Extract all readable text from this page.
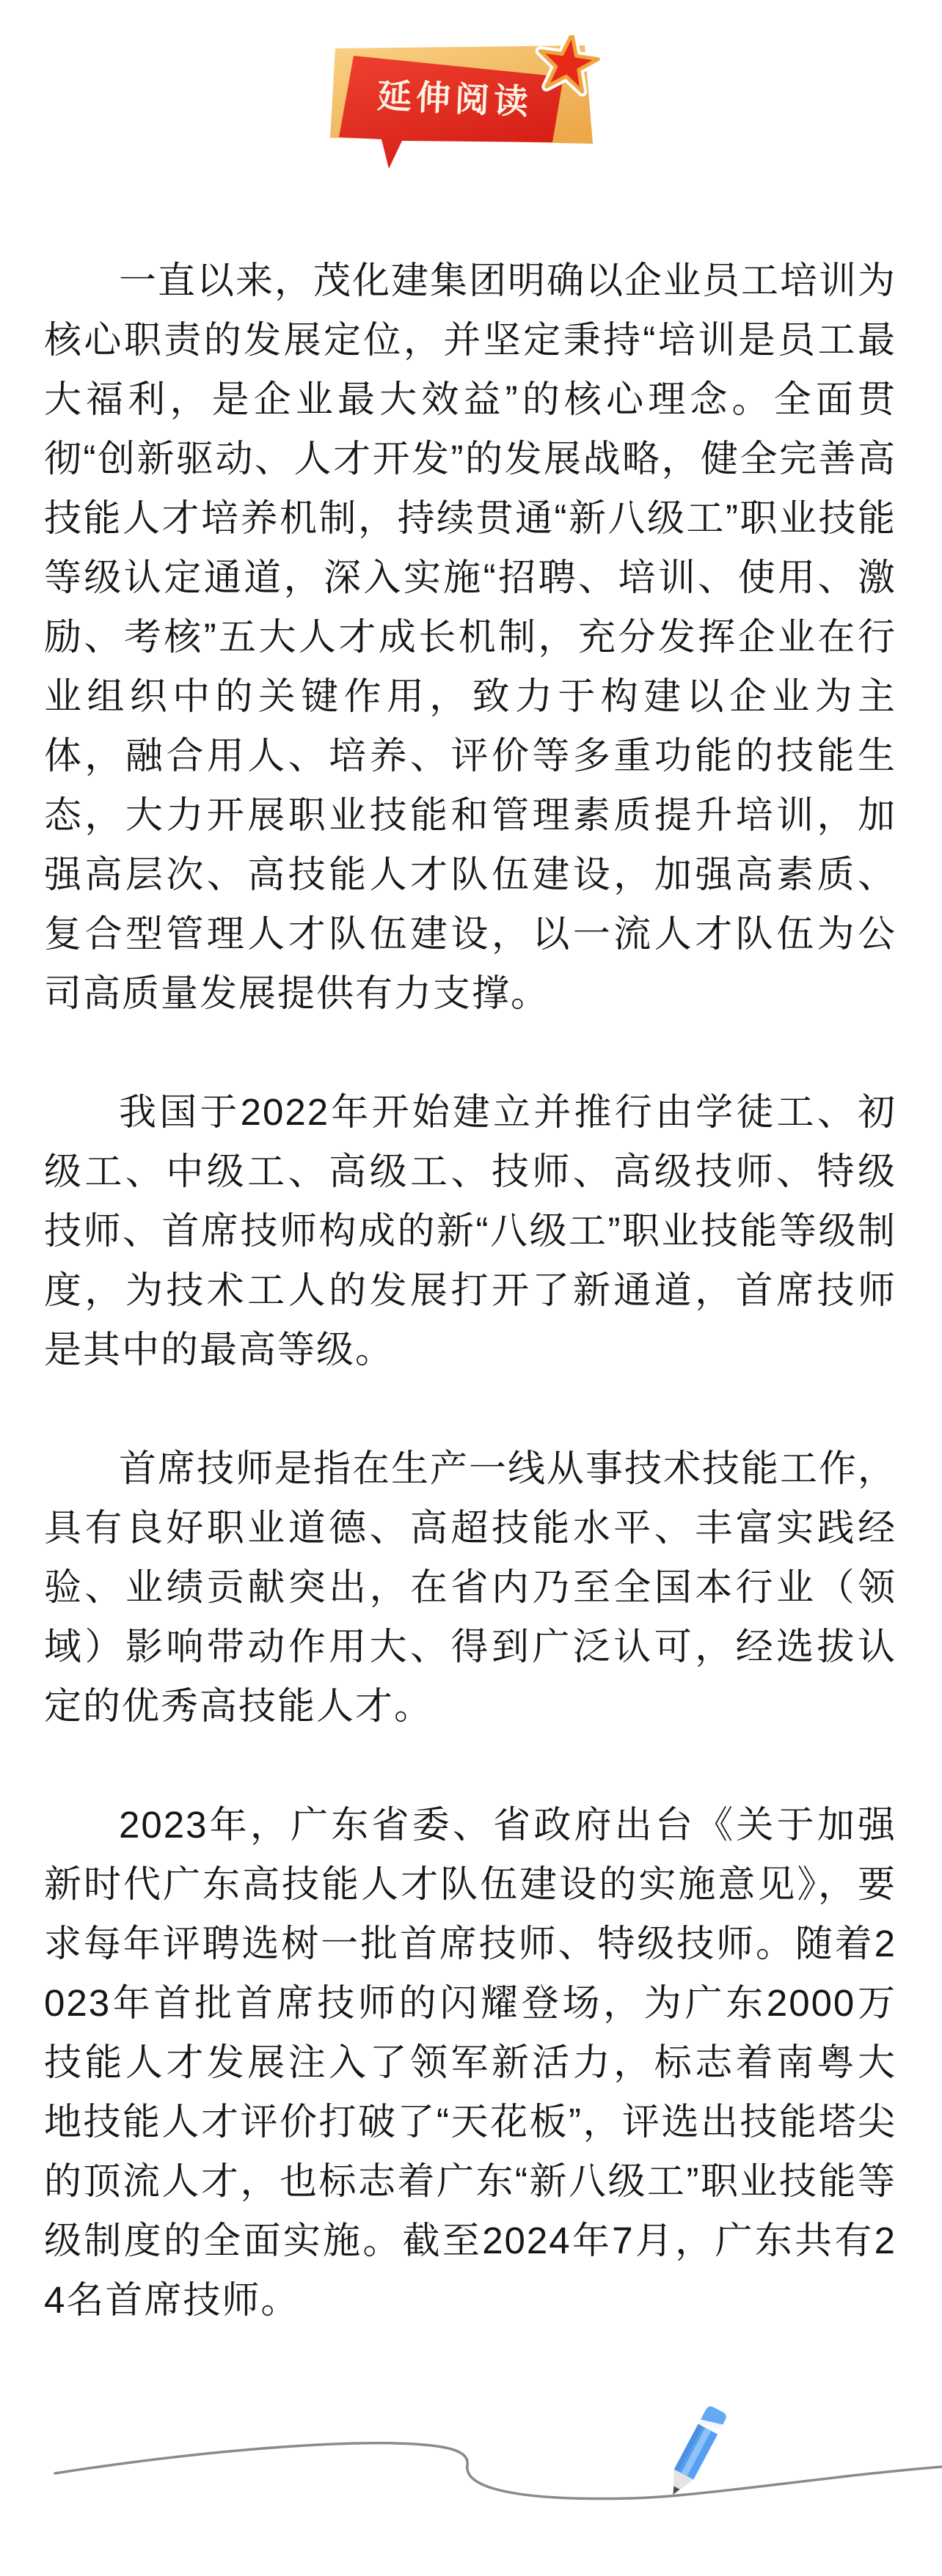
延伸阅读

一直以来，茂化建集团明确以企业员工培训为核心职责的发展定位，并坚定秉持“培训是员工最大福利，是企业最大效益”的核心理念。全面贯彻“创新驱动、人才开发”的发展战略，健全完善高技能人才培养机制，持续贯通“新八级工”职业技能等级认定通道，深入实施“招聘、培训、使用、激励、考核”五大人才成长机制，充分发挥企业在行业组织中的关键作用，致力于构建以企业为主体，融合用人、培养、评价等多重功能的技能生态，大力开展职业技能和管理素质提升培训，加强高层次、高技能人才队伍建设，加强高素质、复合型管理人才队伍建设，以一流人才队伍为公司高质量发展提供有力支撑。

我国于2022年开始建立并推行由学徒工、初级工、中级工、高级工、技师、高级技师、特级技师、首席技师构成的新“八级工”职业技能等级制度，为技术工人的发展打开了新通道，首席技师是其中的最高等级。

首席技师是指在生产一线从事技术技能工作，具有良好职业道德、高超技能水平、丰富实践经验、业绩贡献突出，在省内乃至全国本行业（领域）影响带动作用大、得到广泛认可，经选拔认定的优秀高技能人才。

2023年，广东省委、省政府出台《关于加强新时代广东高技能人才队伍建设的实施意见》，要求每年评聘选树一批首席技师、特级技师。随着2023年首批首席技师的闪耀登场，为广东2000万技能人才发展注入了领军新活力，标志着南粤大地技能人才评价打破了“天花板”，评选出技能塔尖的顶流人才，也标志着广东“新八级工”职业技能等级制度的全面实施。截至2024年7月，广东共有24名首席技师。
